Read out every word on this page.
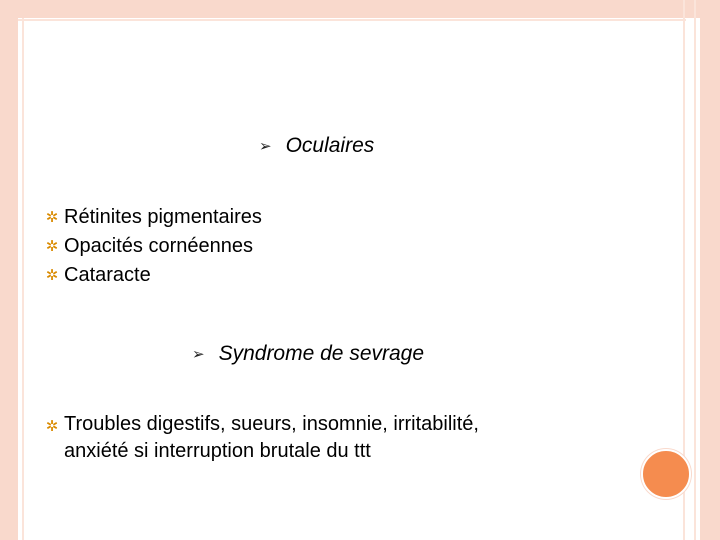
➢ Oculaires
✲ Rétinites pigmentaires
✲ Opacités cornéennes
✲ Cataracte
➢ Syndrome de sevrage
✲ Troubles digestifs, sueurs, insomnie, irritabilité,
anxiété si interruption brutale du ttt
